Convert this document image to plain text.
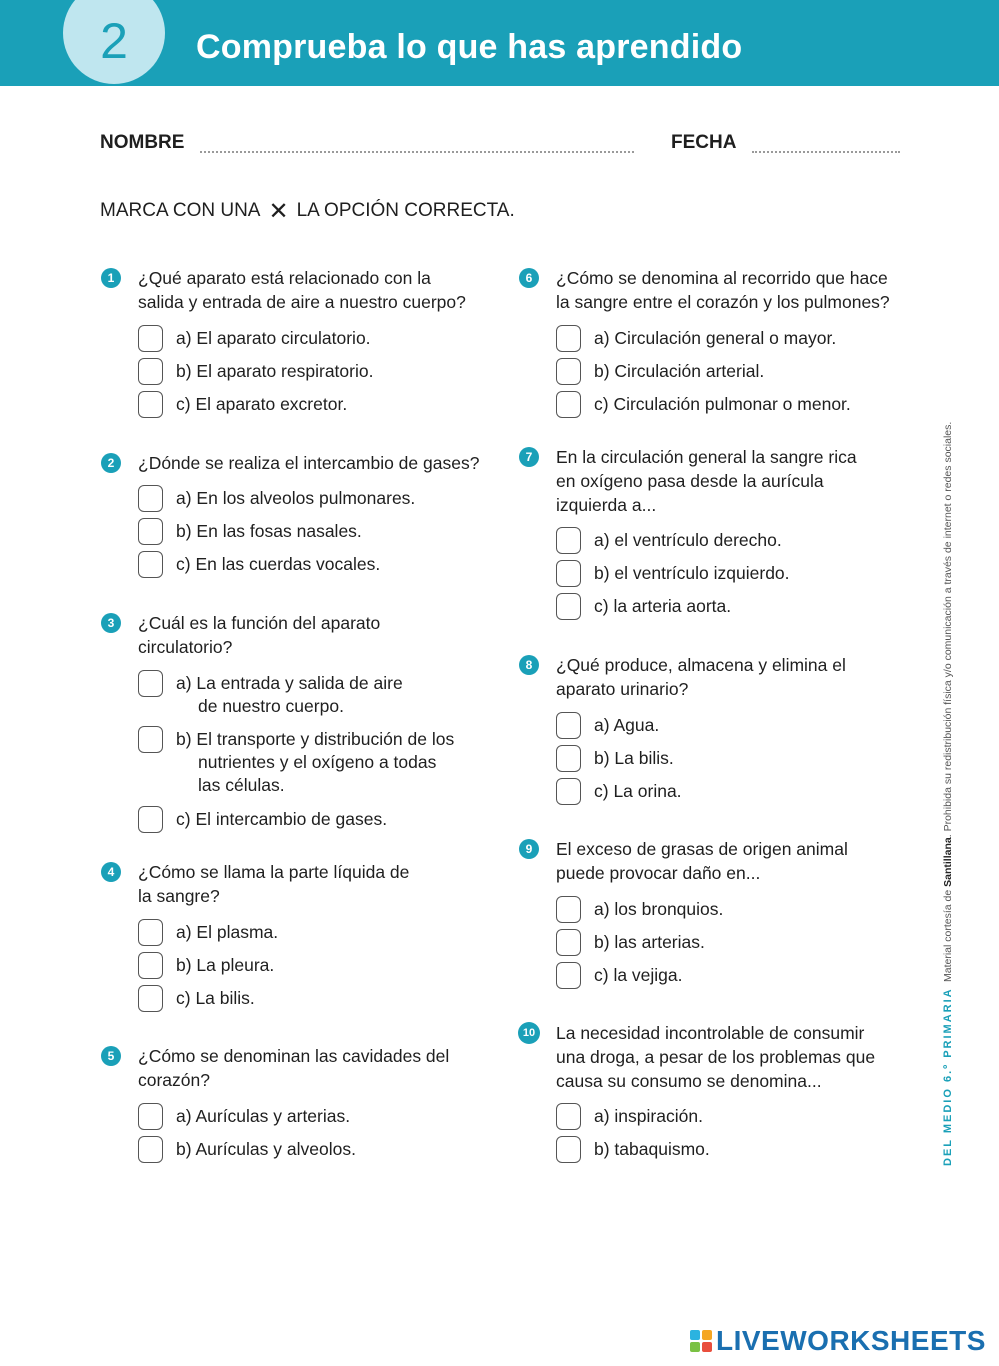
2	Comprueba lo que has aprendido
NOMBRE	FECHA
MARCA CON UNA ✕ LA OPCIÓN CORRECTA.
1	¿Qué aparato está relacionado con la salida y entrada de aire a nuestro cuerpo?
a) El aparato circulatorio.
b) El aparato respiratorio.
c) El aparato excretor.
2	¿Dónde se realiza el intercambio de gases?
a) En los alveolos pulmonares.
b) En las fosas nasales.
c) En las cuerdas vocales.
3	¿Cuál es la función del aparato circulatorio?
a) La entrada y salida de aire
de nuestro cuerpo.
b) El transporte y distribución de los
nutrientes y el oxígeno a todas
las células.
c) El intercambio de gases.
4	¿Cómo se llama la parte líquida de la sangre?
a) El plasma.
b) La pleura.
c) La bilis.
5	¿Cómo se denominan las cavidades del corazón?
a) Aurículas y arterias.
b) Aurículas y alveolos.
6	¿Cómo se denomina al recorrido que hace la sangre entre el corazón y los pulmones?
a) Circulación general o mayor.
b) Circulación arterial.
c) Circulación pulmonar o menor.
7	En la circulación general la sangre rica en oxígeno pasa desde la aurícula izquierda a...
a) el ventrículo derecho.
b) el ventrículo izquierdo.
c) la arteria aorta.
8	¿Qué produce, almacena y elimina el aparato urinario?
a) Agua.
b) La bilis.
c) La orina.
9	El exceso de grasas de origen animal puede provocar daño en...
a) los bronquios.
b) las arterias.
c) la vejiga.
10 La necesidad incontrolable de consumir una droga, a pesar de los problemas que causa su consumo se denomina...
a) inspiración.
b) tabaquismo.
Material cortesía de Santillana. Prohibida su redistribución física y/o comunicación a través de internet o redes sociales.
DEL MEDIO 6.º PRIMARIA
LIVEWORKSHEETS
